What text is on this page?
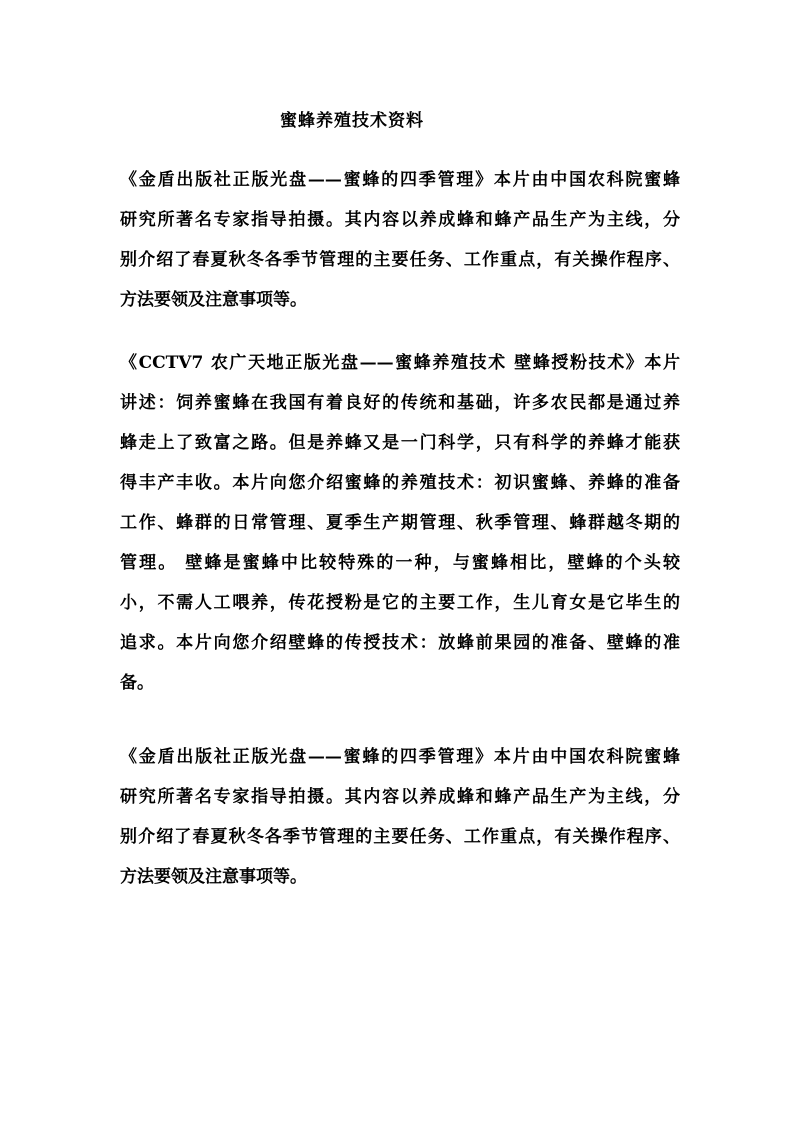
蜜蜂养殖技术资料
《金盾出版社正版光盘——蜜蜂的四季管理》本片由中国农科院蜜蜂
研究所著名专家指导拍摄。其内容以养成蜂和蜂产品生产为主线，分
别介绍了春夏秋冬各季节管理的主要任务、工作重点，有关操作程序、
方法要领及注意事项等。
《CCTV7 农广天地正版光盘——蜜蜂养殖技术 壁蜂授粉技术》本片
讲述：饲养蜜蜂在我国有着良好的传统和基础，许多农民都是通过养
蜂走上了致富之路。但是养蜂又是一门科学，只有科学的养蜂才能获
得丰产丰收。本片向您介绍蜜蜂的养殖技术：初识蜜蜂、养蜂的准备
工作、蜂群的日常管理、夏季生产期管理、秋季管理、蜂群越冬期的
管理。 壁蜂是蜜蜂中比较特殊的一种，与蜜蜂相比，壁蜂的个头较
小，不需人工喂养，传花授粉是它的主要工作，生儿育女是它毕生的
追求。本片向您介绍壁蜂的传授技术：放蜂前果园的准备、壁蜂的准
备。
《金盾出版社正版光盘——蜜蜂的四季管理》本片由中国农科院蜜蜂
研究所著名专家指导拍摄。其内容以养成蜂和蜂产品生产为主线，分
别介绍了春夏秋冬各季节管理的主要任务、工作重点，有关操作程序、
方法要领及注意事项等。
